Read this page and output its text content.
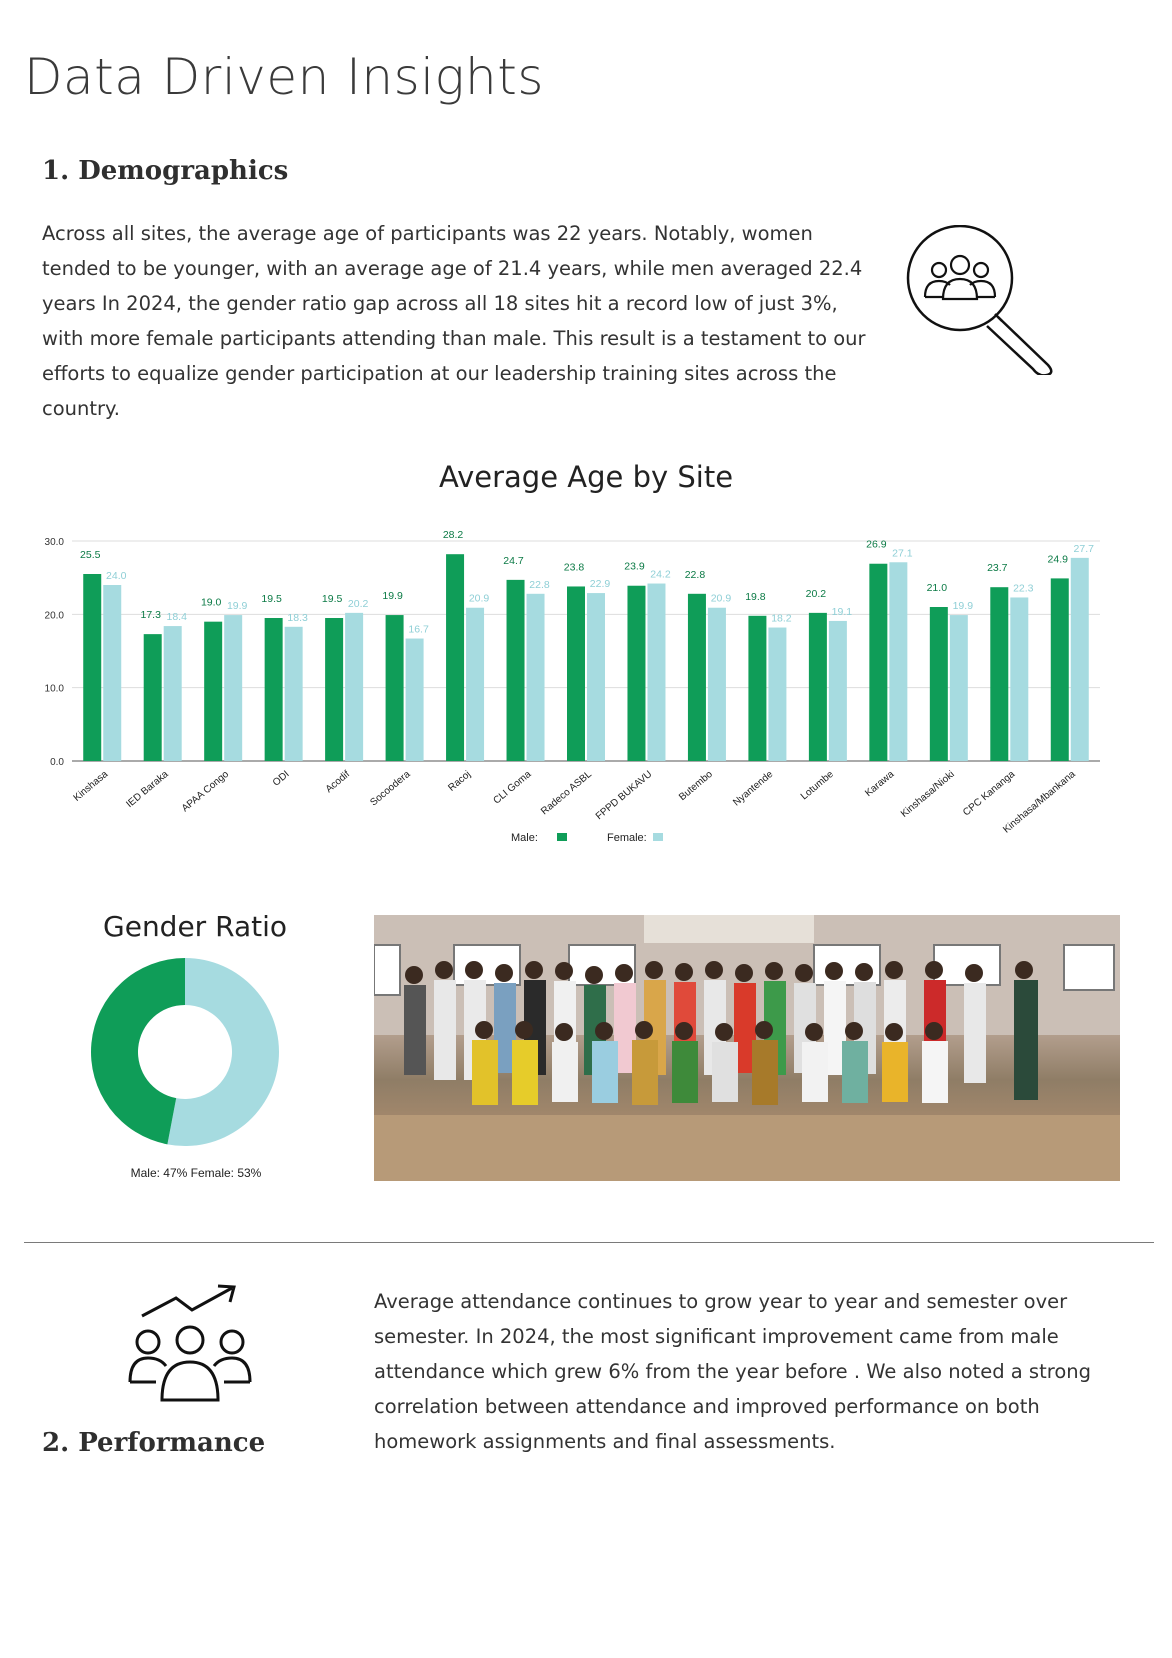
Data Driven Insights
1. Demographics
Across all sites, the average age of participants was 22 years. Notably, women tended to be younger, with an average age of 21.4 years, while men averaged 22.4 years In 2024, the gender ratio gap across all 18 sites hit a record low of just 3%, with more female participants attending than male. This result is a testament to our efforts to equalize gender participation at our leadership training sites across the country.
Average Age by Site
0.0
10.0
20.0
30.0
25.5
24.0
Kinshasa
17.3 18.4
IED Baraka
19.0 19.9
APAA Congo
19.5
18.3
ODI
19.5 20.2
Acodif
19.9
16.7
Socoodera
28.2
20.9
Racoj
24.7
22.8
CLI Goma
23.8
22.9
Radeco ASBL
23.9
24.2
FPPD BUKAVU
22.8
20.9
Butembo
19.8
18.2
Nyantende
20.2
19.1
Lotumbe
26.9
27.1
Karawa
21.0
19.9
Kinshasa/Nioki
23.7
22.3
CPC Kananga
24.9
27.7
Kinshasa/Mbankana
Male:	Female:
Gender Ratio
Male: 47% Female: 53%
2. Performance
Average attendance continues to grow year to year and semester over semester. In 2024, the most significant improvement came from male attendance which grew 6% from the year before . We also noted a strong correlation between attendance and improved performance on both homework assignments and final assessments.
